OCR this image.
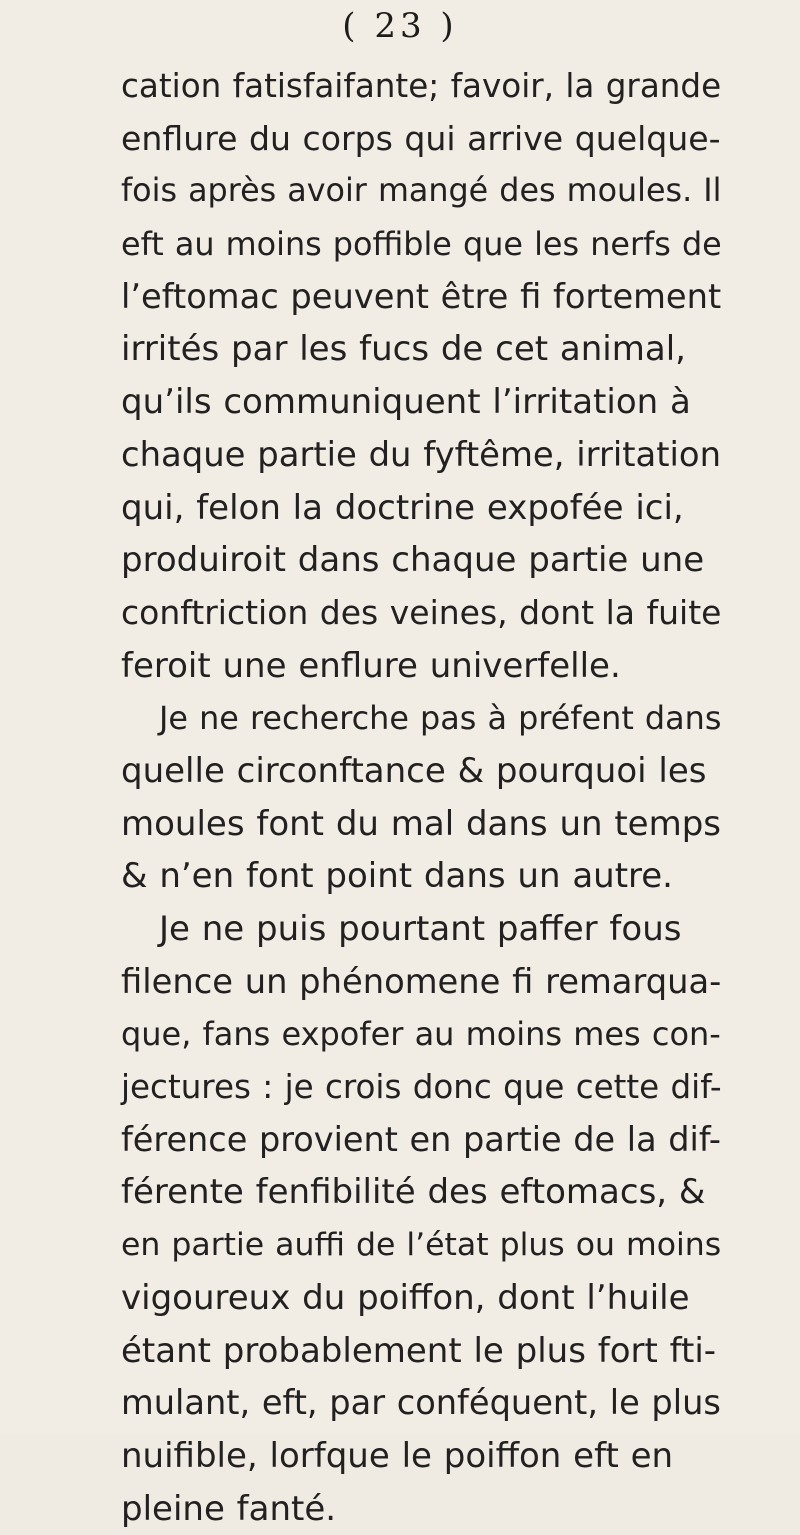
( 23 )
cation fatisfaifante; favoir, la grande
enflure du corps qui arrive quelque-
fois après avoir mangé des moules. Il
eft au moins poffible que les nerfs de
l’eftomac peuvent être fi fortement
irrités par les fucs de cet animal,
qu’ils communiquent l’irritation à
chaque partie du fyftême, irritation
qui, felon la doctrine expofée ici,
produiroit dans chaque partie une
conftriction des veines, dont la fuite
feroit une enflure univerfelle.
Je ne recherche pas à préfent dans
quelle circonftance & pourquoi les
moules font du mal dans un temps
& n’en font point dans un autre.
Je ne puis pourtant paffer fous
filence un phénomene fi remarqua-
que, fans expofer au moins mes con-
jectures : je crois donc que cette dif-
férence provient en partie de la dif-
férente fenfibilité des eftomacs, &
en partie auffi de l’état plus ou moins
vigoureux du poiffon, dont l’huile
étant probablement le plus fort fti-
mulant, eft, par conféquent, le plus
nuifible, lorfque le poiffon eft en
pleine fanté.
